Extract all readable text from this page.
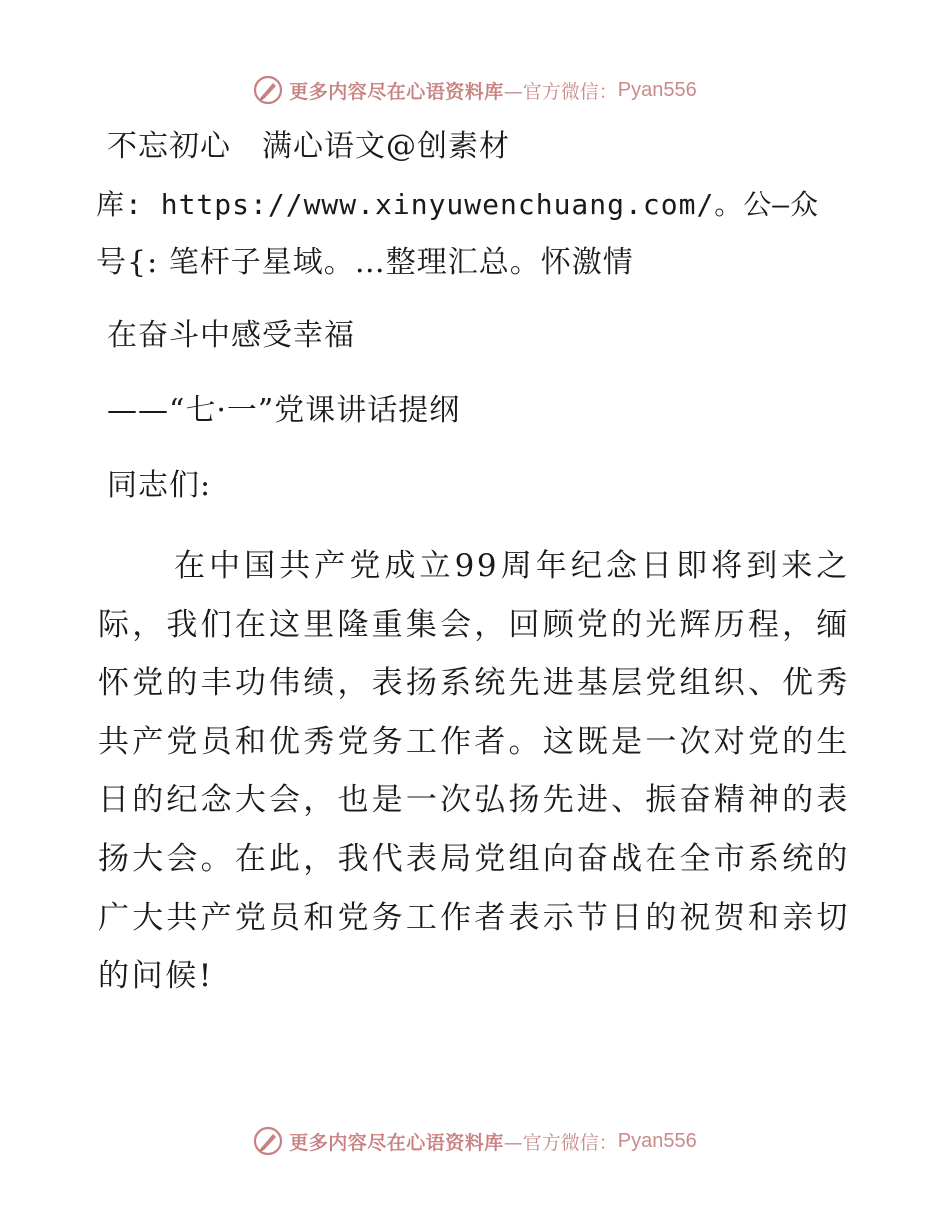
更多内容尽在心语资料库 —官方微信： Pyan556
不忘初心　满心语文@创素材
库: https://www.xinyuwenchuang.com/。公—众
号{: 笔杆子星域。…整理汇总。怀激情
在奋斗中感受幸福
——“七·一”党课讲话提纲
同志们:

在中国共产党成立99周年纪念日即将到来之际，我们在这里隆重集会，回顾党的光辉历程，缅怀党的丰功伟绩，表扬系统先进基层党组织、优秀共产党员和优秀党务工作者。这既是一次对党的生日的纪念大会，也是一次弘扬先进、振奋精神的表扬大会。在此，我代表局党组向奋战在全市系统的广大共产党员和党务工作者表示节日的祝贺和亲切的问候!

更多内容尽在心语资料库 —官方微信： Pyan556
